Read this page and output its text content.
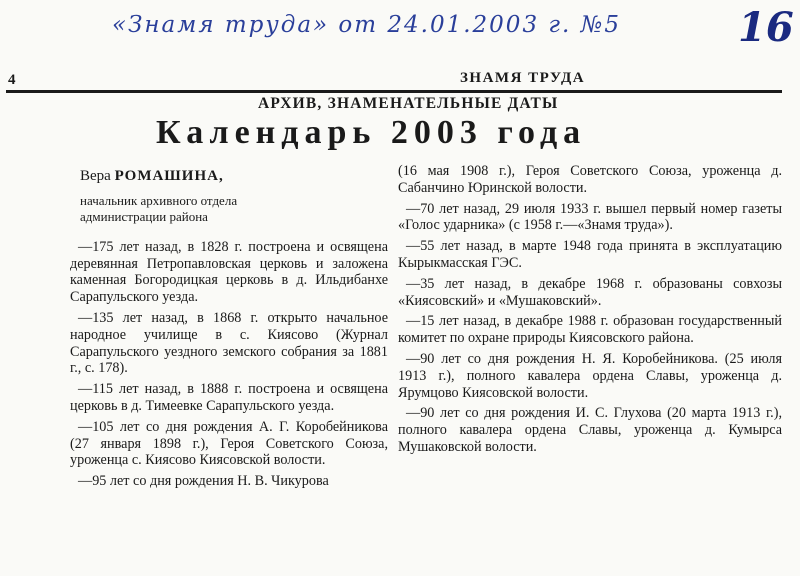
«Знамя труда» от 24.01.2003 г. №5	16
4	ЗНАМЯ ТРУДА
АРХИВ, ЗНАМЕНАТЕЛЬНЫЕ ДАТЫ
Календарь 2003 года
Вера РОМАШИНА,
начальник архивного отдела
администрации района

—175 лет назад, в 1828 г. построена и освящена деревянная Петропавловская церковь и заложена каменная Богородицкая церковь в д. Ильдибанхе Сарапульского уезда.

—135 лет назад, в 1868 г. открыто начальное народное училище в с. Киясово (Журнал Сарапульского уездного земского собрания за 1881 г., с. 178).

—115 лет назад, в 1888 г. построена и освящена церковь в д. Тимеевке Сарапульского уезда.

—105 лет со дня рождения А. Г. Коробейникова (27 января 1898 г.), Героя Советского Союза, уроженца с. Киясово Киясовской волости.

—95 лет со дня рождения Н. В. Чикурова

(16 мая 1908 г.), Героя Советского Союза, уроженца д. Сабанчино Юринской волости.

—70 лет назад, 29 июля 1933 г. вышел первый номер газеты «Голос ударника» (с 1958 г.—«Знамя труда»).

—55 лет назад, в марте 1948 года принята в эксплуатацию Кырыкмасская ГЭС.

—35 лет назад, в декабре 1968 г. образованы совхозы «Киясовский» и «Мушаковский».

—15 лет назад, в декабре 1988 г. образован государственный комитет по охране природы Киясовского района.

—90 лет со дня рождения Н. Я. Коробейникова. (25 июля 1913 г.), полного кавалера ордена Славы, уроженца д. Ярумцово Киясовской волости.

—90 лет со дня рождения И. С. Глухова (20 марта 1913 г.), полного кавалера ордена Славы, уроженца д. Кумырса Мушаковской волости.
